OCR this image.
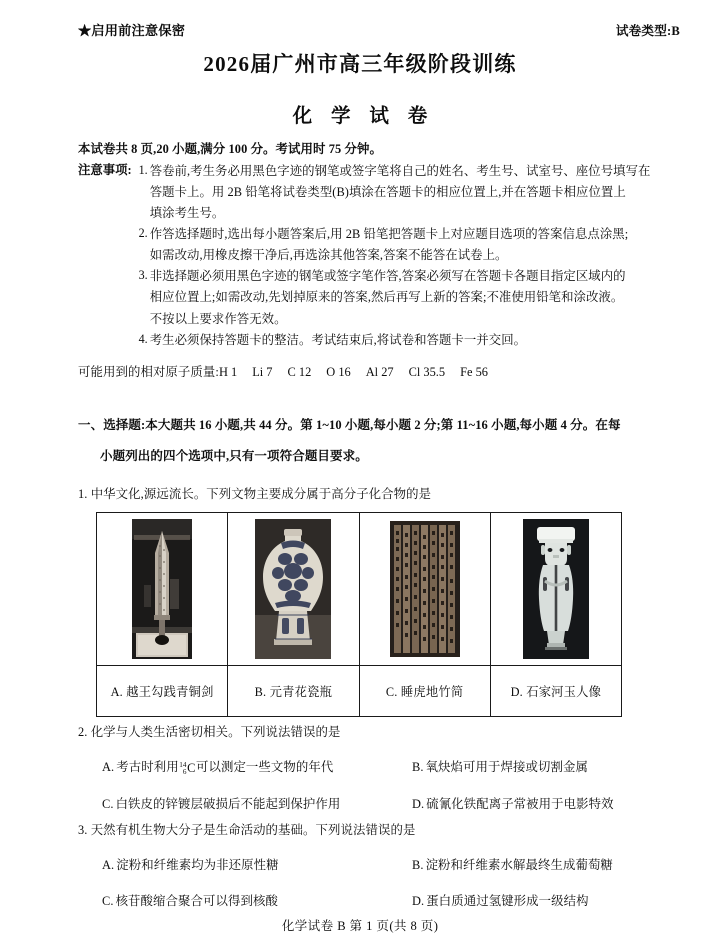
★启用前注意保密	试卷类型:B
2026届广州市高三年级阶段训练
化 学 试 卷
本试卷共 8 页,20 小题,满分 100 分。考试用时 75 分钟。
注意事项: 1. 答卷前,考生务必用黑色字迹的钢笔或签字笔将自己的姓名、考生号、试室号、座位号填写在
答题卡上。用 2B 铅笔将试卷类型(B)填涂在答题卡的相应位置上,并在答题卡相应位置上
填涂考生号。
2. 作答选择题时,选出每小题答案后,用 2B 铅笔把答题卡上对应题目选项的答案信息点涂黑;
如需改动,用橡皮擦干净后,再选涂其他答案,答案不能答在试卷上。
3. 非选择题必须用黑色字迹的钢笔或签字笔作答,答案必须写在答题卡各题目指定区域内的
相应位置上;如需改动,先划掉原来的答案,然后再写上新的答案;不准使用铅笔和涂改液。
不按以上要求作答无效。
4. 考生必须保持答题卡的整洁。考试结束后,将试卷和答题卡一并交回。
可能用到的相对原子质量:H 1 Li 7 C 12 O 16 Al 27 Cl 35.5 Fe 56
一、选择题:本大题共 16 小题,共 44 分。第 1~10 小题,每小题 2 分;第 11~16 小题,每小题 4 分。在每
小题列出的四个选项中,只有一项符合题目要求。
1. 中华文化,源远流长。下列文物主要成分属于高分子化合物的是

A. 越王勾践青铜剑	B. 元青花瓷瓶	C. 睡虎地竹简	D. 石家河玉人像
2. 化学与人类生活密切相关。下列说法错误的是
A. 考古时利用 14
6 C可以测定一些文物的年代	B. 氧炔焰可用于焊接或切割金属
C. 白铁皮的锌镀层破损后不能起到保护作用	D. 硫氰化铁配离子常被用于电影特效
3. 天然有机生物大分子是生命活动的基础。下列说法错误的是
A. 淀粉和纤维素均为非还原性糖	B. 淀粉和纤维素水解最终生成葡萄糖
C. 核苷酸缩合聚合可以得到核酸	D. 蛋白质通过氢键形成一级结构
化学试卷 B 第 1 页(共 8 页)
